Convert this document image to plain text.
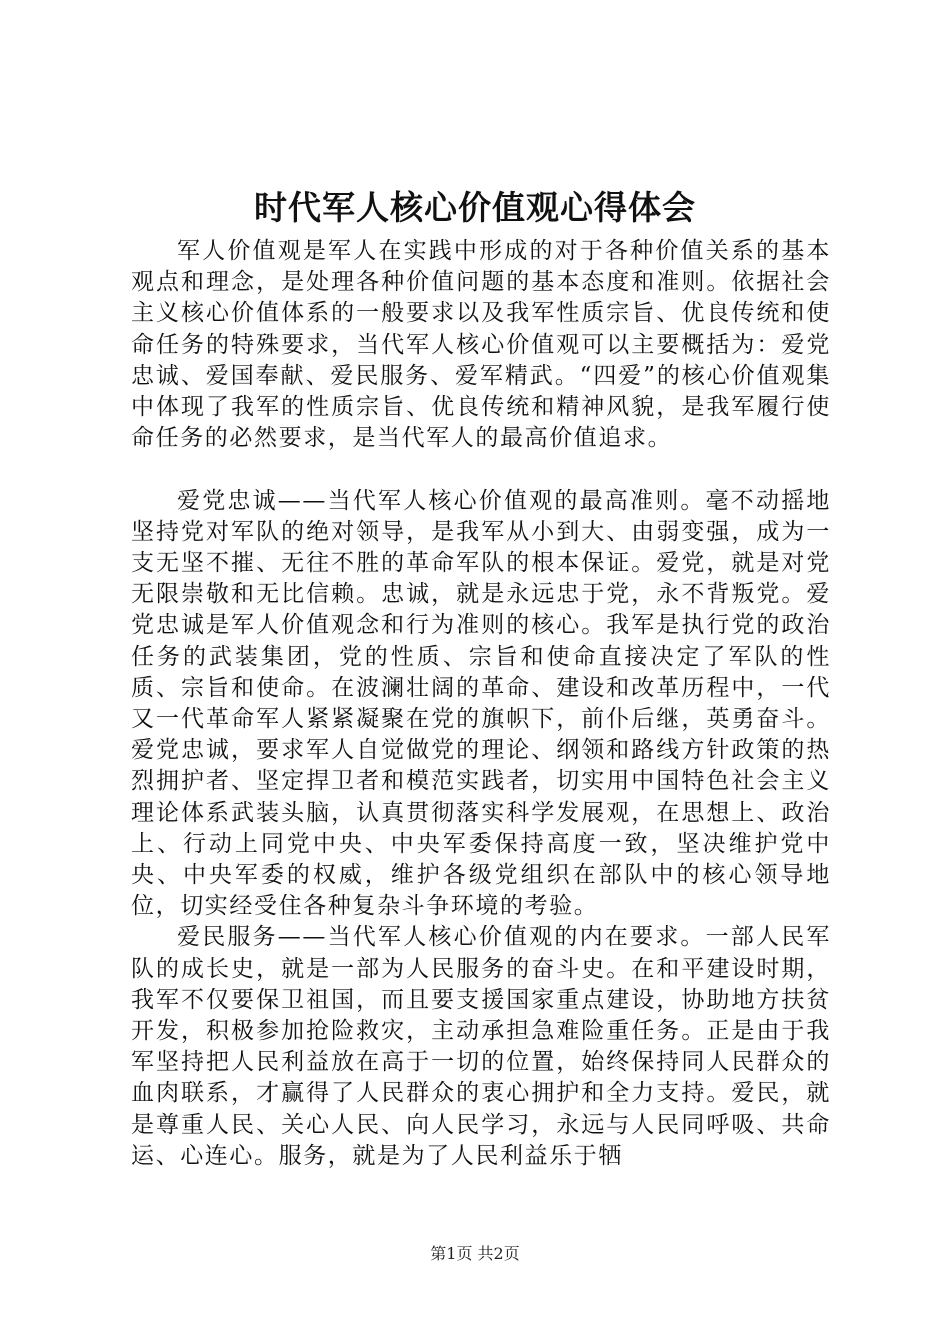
时代军人核心价值观心得体会

军人价值观是军人在实践中形成的对于各种价值关系的基本观点和理念，是处理各种价值问题的基本态度和准则。依据社会主义核心价值体系的一般要求以及我军性质宗旨、优良传统和使命任务的特殊要求，当代军人核心价值观可以主要概括为：爱党忠诚、爱国奉献、爱民服务、爱军精武。“四爱”的核心价值观集中体现了我军的性质宗旨、优良传统和精神风貌，是我军履行使命任务的必然要求，是当代军人的最高价值追求。

爱党忠诚——当代军人核心价值观的最高准则。毫不动摇地坚持党对军队的绝对领导，是我军从小到大、由弱变强，成为一支无坚不摧、无往不胜的革命军队的根本保证。爱党，就是对党无限崇敬和无比信赖。忠诚，就是永远忠于党，永不背叛党。爱党忠诚是军人价值观念和行为准则的核心。我军是执行党的政治任务的武装集团，党的性质、宗旨和使命直接决定了军队的性质、宗旨和使命。在波澜壮阔的革命、建设和改革历程中，一代又一代革命军人紧紧凝聚在党的旗帜下，前仆后继，英勇奋斗。爱党忠诚，要求军人自觉做党的理论、纲领和路线方针政策的热烈拥护者、坚定捍卫者和模范实践者，切实用中国特色社会主义理论体系武装头脑，认真贯彻落实科学发展观，在思想上、政治上、行动上同党中央、中央军委保持高度一致，坚决维护党中央、中央军委的权威，维护各级党组织在部队中的核心领导地位，切实经受住各种复杂斗争环境的考验。

爱民服务——当代军人核心价值观的内在要求。一部人民军队的成长史，就是一部为人民服务的奋斗史。在和平建设时期，我军不仅要保卫祖国，而且要支援国家重点建设，协助地方扶贫开发，积极参加抢险救灾，主动承担急难险重任务。正是由于我军坚持把人民利益放在高于一切的位置，始终保持同人民群众的血肉联系，才赢得了人民群众的衷心拥护和全力支持。爱民，就是尊重人民、关心人民、向人民学习，永远与人民同呼吸、共命运、心连心。服务，就是为了人民利益乐于牺

第1页 共2页
